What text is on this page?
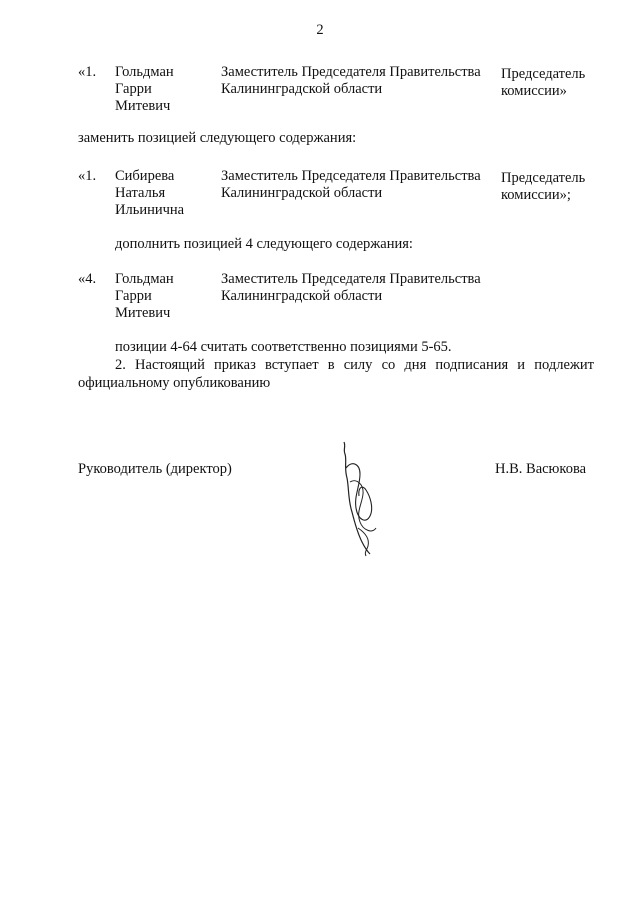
2
«1. Гольдман
Гарри
Митевич
Заместитель Председателя Правительства
Калининградской области
Председатель
комиссии»
заменить позицией следующего содержания:
«1. Сибирева
Наталья
Ильинична
Заместитель Председателя Правительства
Калининградской области
Председатель
комиссии»;
дополнить позицией 4 следующего содержания:
«4. Гольдман
Гарри
Митевич
Заместитель Председателя Правительства
Калининградской области
позиции 4-64 считать соответственно позициями 5-65.
2. Настоящий приказ вступает в силу со дня подписания и подлежит
официальному опубликованию
Руководитель (директор)	Н.В. Васюкова
